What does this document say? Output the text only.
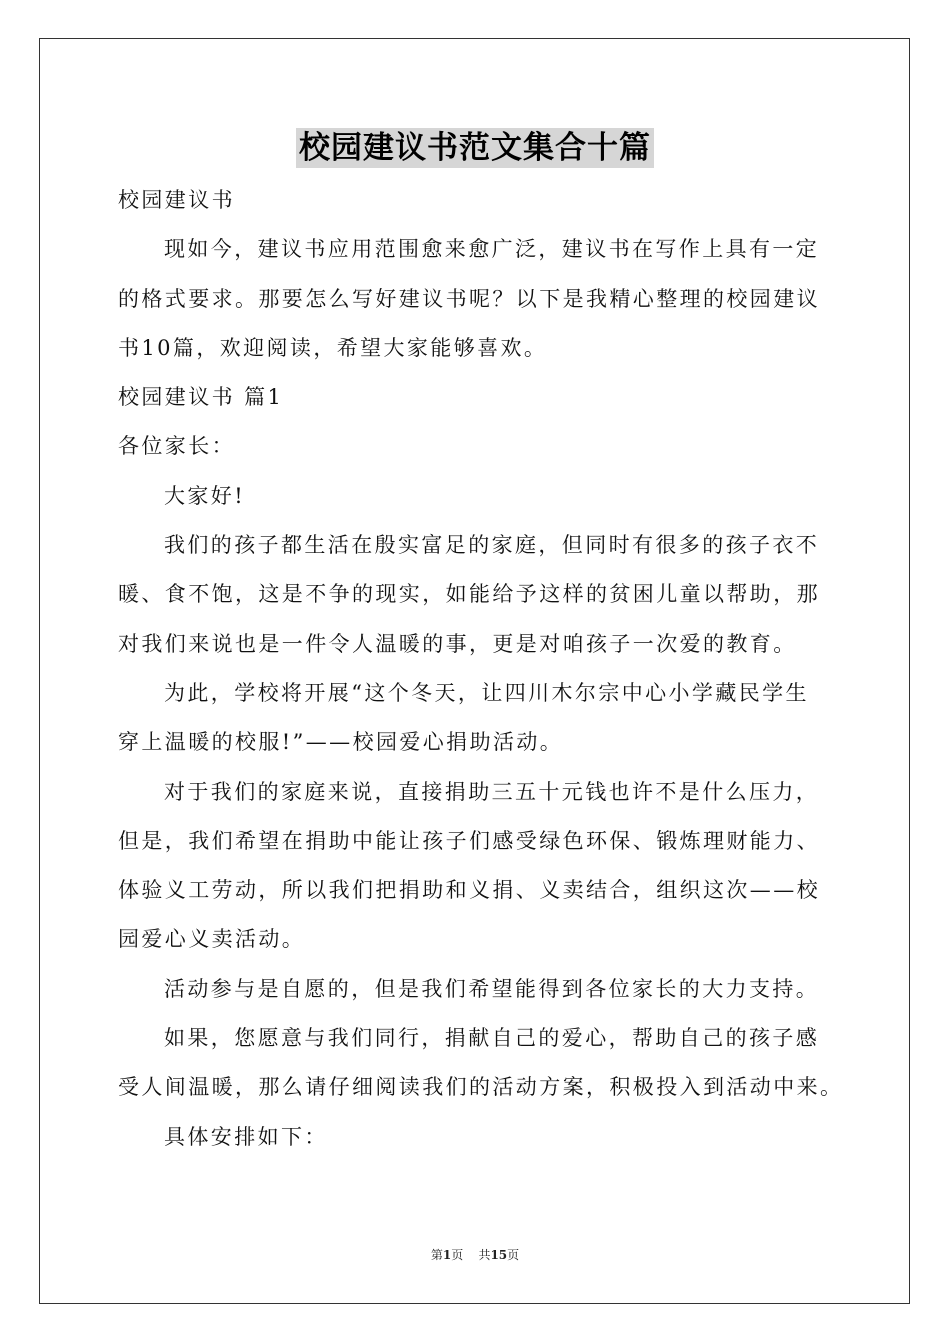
校园建议书范文集合十篇
校园建议书
现如今，建议书应用范围愈来愈广泛，建议书在写作上具有一定
的格式要求。那要怎么写好建议书呢？以下是我精心整理的校园建议
书10篇，欢迎阅读，希望大家能够喜欢。
校园建议书 篇1
各位家长：
大家好!
我们的孩子都生活在殷实富足的家庭，但同时有很多的孩子衣不
暖、食不饱，这是不争的现实，如能给予这样的贫困儿童以帮助，那
对我们来说也是一件令人温暖的事，更是对咱孩子一次爱的教育。
为此，学校将开展“这个冬天，让四川木尔宗中心小学藏民学生
穿上温暖的校服!”——校园爱心捐助活动。
对于我们的家庭来说，直接捐助三五十元钱也许不是什么压力，
但是，我们希望在捐助中能让孩子们感受绿色环保、锻炼理财能力、
体验义工劳动，所以我们把捐助和义捐、义卖结合，组织这次——校
园爱心义卖活动。
活动参与是自愿的，但是我们希望能得到各位家长的大力支持。
如果，您愿意与我们同行，捐献自己的爱心，帮助自己的孩子感
受人间温暖，那么请仔细阅读我们的活动方案，积极投入到活动中来。
具体安排如下：
第1页    共15页
